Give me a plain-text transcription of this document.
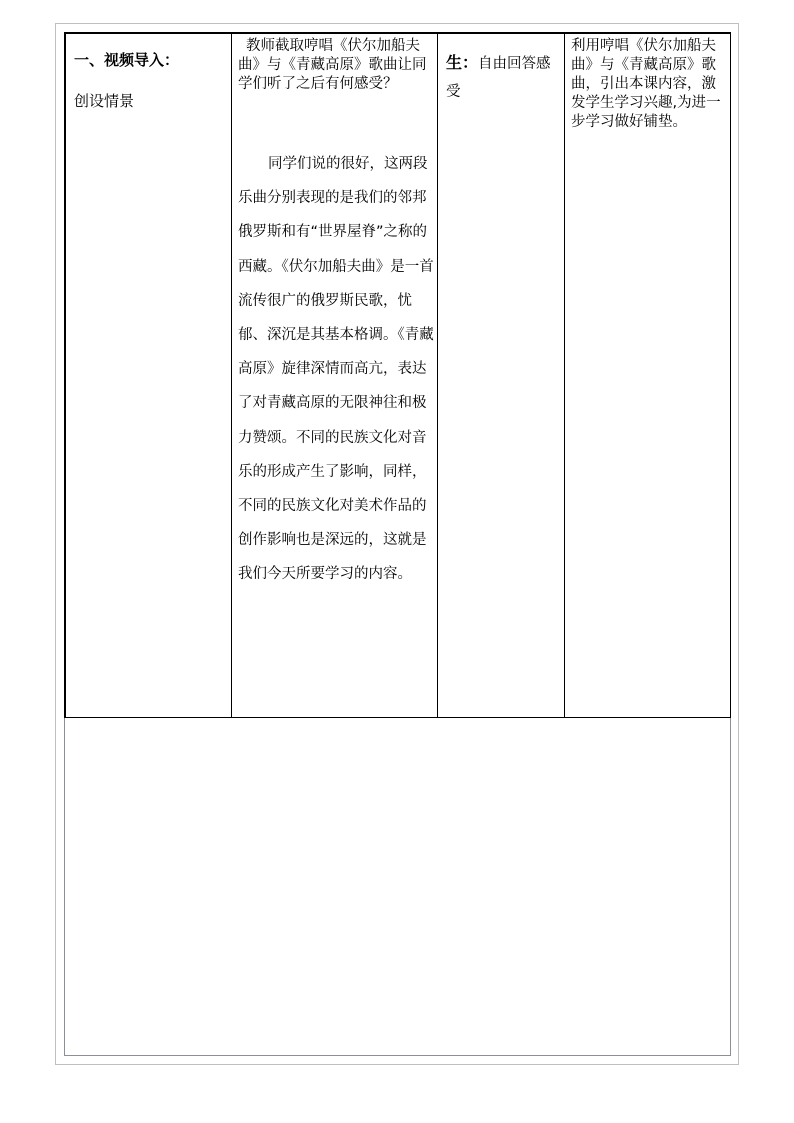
一、视频导入：
创设情景
教师截取哼唱《伏尔加船夫曲》与《青藏高原》歌曲让同学们听了之后有何感受？
同学们说的很好，这两段乐曲分别表现的是我们的邻邦俄罗斯和有“世界屋脊”之称的西藏。《伏尔加船夫曲》是一首流传很广的俄罗斯民歌，忧郁、深沉是其基本格调。《青藏高原》旋律深情而高亢，表达了对青藏高原的无限神往和极力赞颂。不同的民族文化对音乐的形成产生了影响，同样，不同的民族文化对美术作品的创作影响也是深远的，这就是我们今天所要学习的内容。
生：自由回答感受
利用哼唱《伏尔加船夫曲》与《青藏高原》歌曲，引出本课内容，激发学生学习兴趣,为进一步学习做好铺垫。
